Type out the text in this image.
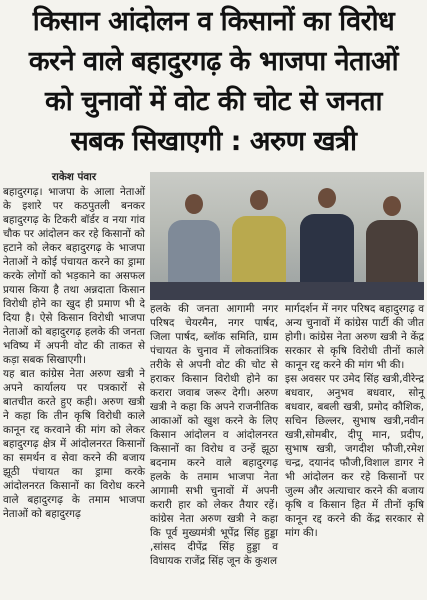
किसान आंदोलन व किसानों का विरोध
करने वाले बहादुरगढ़ के भाजपा नेताओं
को चुनावों में वोट की चोट से जनता
सबक सिखाएगी : अरुण खत्री
राकेश पंवार

बहादुरगढ़। भाजपा के आला नेताओं के इशारे पर कठपुतली बनकर बहादुरगढ़ के टिकरी बॉर्डर व नया गांव चौक पर आंदोलन कर रहे किसानों को हटाने को लेकर बहादुरगढ़ के भाजपा नेताओं ने कोई पंचायत करने का ड्रामा करके लोगों को भड़काने का असफल प्रयास किया है तथा अन्नदाता किसान विरोधी होने का खुद ही प्रमाण भी दे दिया है। ऐसे किसान विरोधी भाजपा नेताओं को बहादुरगढ़ हलके की जनता भविष्य में अपनी वोट की ताकत से कड़ा सबक सिखाएगी।

यह बात कांग्रेस नेता अरुण खत्री ने अपने कार्यालय पर पत्रकारों से बातचीत करते हुए कही। अरुण खत्री ने कहा कि तीन कृषि विरोधी काले कानून रद्द करवाने की मांग को लेकर बहादुरगढ़ क्षेत्र में आंदोलनरत किसानों का समर्थन व सेवा करने की बजाय झूठी पंचायत का ड्रामा करके आंदोलनरत किसानों का विरोध करने वाले बहादुरगढ़ के तमाम भाजपा नेताओं को बहादुरगढ़

हलके की जनता आगामी नगर परिषद चेयरमैन, नगर पार्षद, जिला पार्षद, ब्लॉक समिति, ग्राम पंचायत के चुनाव में लोकतांत्रिक तरीके से अपनी वोट की चोट से हराकर किसान विरोधी होने का करारा जवाब जरूर देगी। अरुण खत्री ने कहा कि अपने राजनीतिक आकाओं को खुश करने के लिए किसान आंदोलन व आंदोलनरत किसानों का विरोध व उन्हें झूठा बदनाम करने वाले बहादुरगढ़ हलके के तमाम भाजपा नेता आगामी सभी चुनावों में अपनी करारी हार को लेकर तैयार रहें। कांग्रेस नेता अरुण खत्री ने कहा कि पूर्व मुख्यमंत्री भूपेंद्र सिंह हुड्डा ,सांसद दीपेंद्र सिंह हुड्डा व विधायक राजेंद्र सिंह जून के कुशल

मार्गदर्शन में नगर परिषद बहादुरगढ़ व अन्य चुनावों में कांग्रेस पार्टी की जीत होगी। कांग्रेस नेता अरुण खत्री ने केंद्र सरकार से कृषि विरोधी तीनों काले कानून रद्द करने की मांग भी की।

इस अवसर पर उमेद सिंह खत्री,वीरेन्द्र बधवार, अनुभव बधवार, सोनू बधवार, बबली खत्री, प्रमोद कौशिक, सचिन छिल्लर, सुभाष खत्री,नवीन खत्री,सोमबीर, दीपू मान, प्रदीप, सुभाष खत्री, जगदीश फौजी,रमेश चन्द्र, दयानंद फौजी,विशाल डागर ने भी आंदोलन कर रहे किसानों पर जुल्म और अत्याचार करने की बजाय कृषि व किसान हित में तीनों कृषि कानून रद्द करने की केंद्र सरकार से मांग की।
